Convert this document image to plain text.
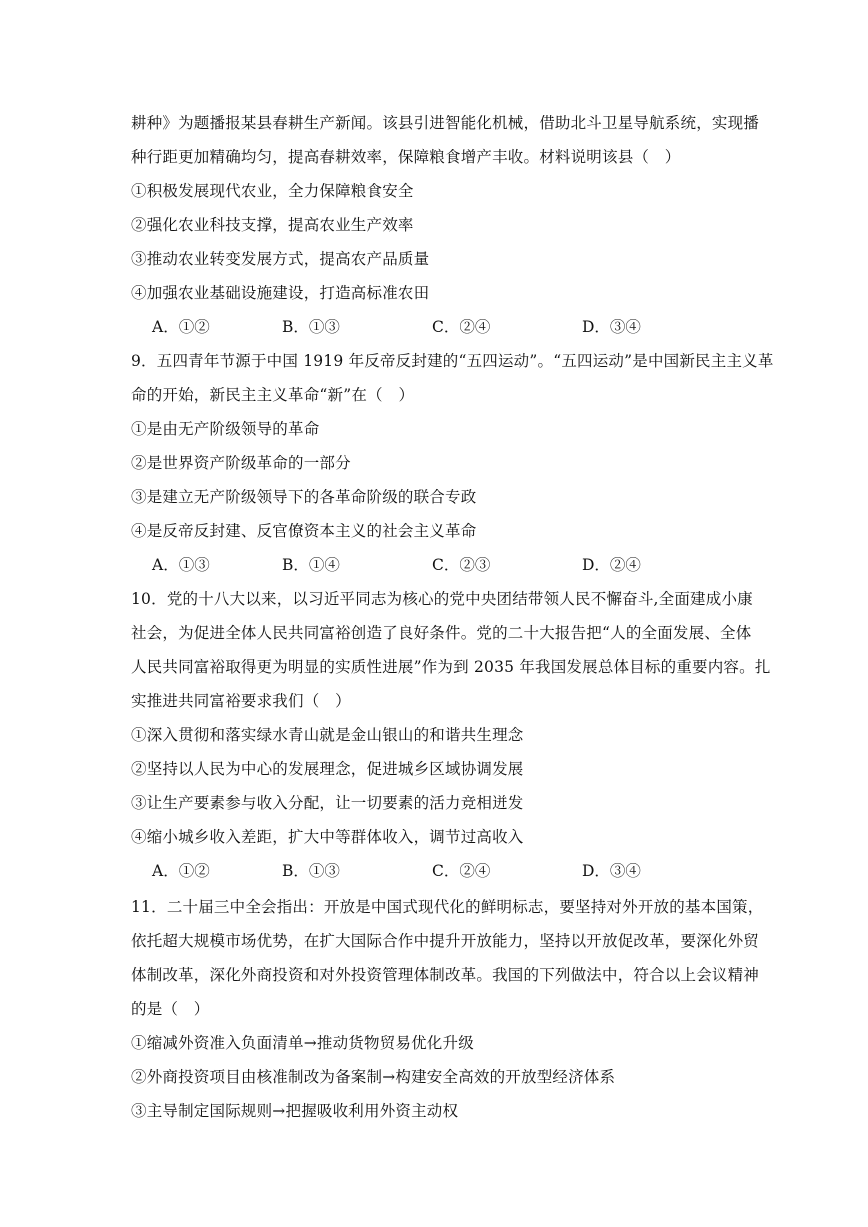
耕种》为题播报某县春耕生产新闻。该县引进智能化机械，借助北斗卫星导航系统，实现播
种行距更加精确均匀，提高春耕效率，保障粮食增产丰收。材料说明该县（　）
①积极发展现代农业，全力保障粮食安全
②强化农业科技支撑，提高农业生产效率
③推动农业转变发展方式，提高农产品质量
④加强农业基础设施建设，打造高标准农田
A．①②	B．①③	C．②④	D．③④
9．五四青年节源于中国 1919 年反帝反封建的“五四运动”。“五四运动”是中国新民主主义革
命的开始，新民主主义革命“新”在（　）
①是由无产阶级领导的革命
②是世界资产阶级革命的一部分
③是建立无产阶级领导下的各革命阶级的联合专政
④是反帝反封建、反官僚资本主义的社会主义革命
A．①③	B．①④	C．②③	D．②④
10．党的十八大以来，以习近平同志为核心的党中央团结带领人民不懈奋斗,全面建成小康
社会，为促进全体人民共同富裕创造了良好条件。党的二十大报告把“人的全面发展、全体
人民共同富裕取得更为明显的实质性进展”作为到 2035 年我国发展总体目标的重要内容。扎
实推进共同富裕要求我们（　）
①深入贯彻和落实绿水青山就是金山银山的和谐共生理念
②坚持以人民为中心的发展理念，促进城乡区域协调发展
③让生产要素参与收入分配，让一切要素的活力竞相迸发
④缩小城乡收入差距，扩大中等群体收入，调节过高收入
A．①②	B．①③	C．②④	D．③④
11．二十届三中全会指出：开放是中国式现代化的鲜明标志，要坚持对外开放的基本国策，
依托超大规模市场优势，在扩大国际合作中提升开放能力，坚持以开放促改革，要深化外贸
体制改革，深化外商投资和对外投资管理体制改革。我国的下列做法中，符合以上会议精神
的是（　）
①缩减外资准入负面清单→推动货物贸易优化升级
②外商投资项目由核准制改为备案制→构建安全高效的开放型经济体系
③主导制定国际规则→把握吸收利用外资主动权
